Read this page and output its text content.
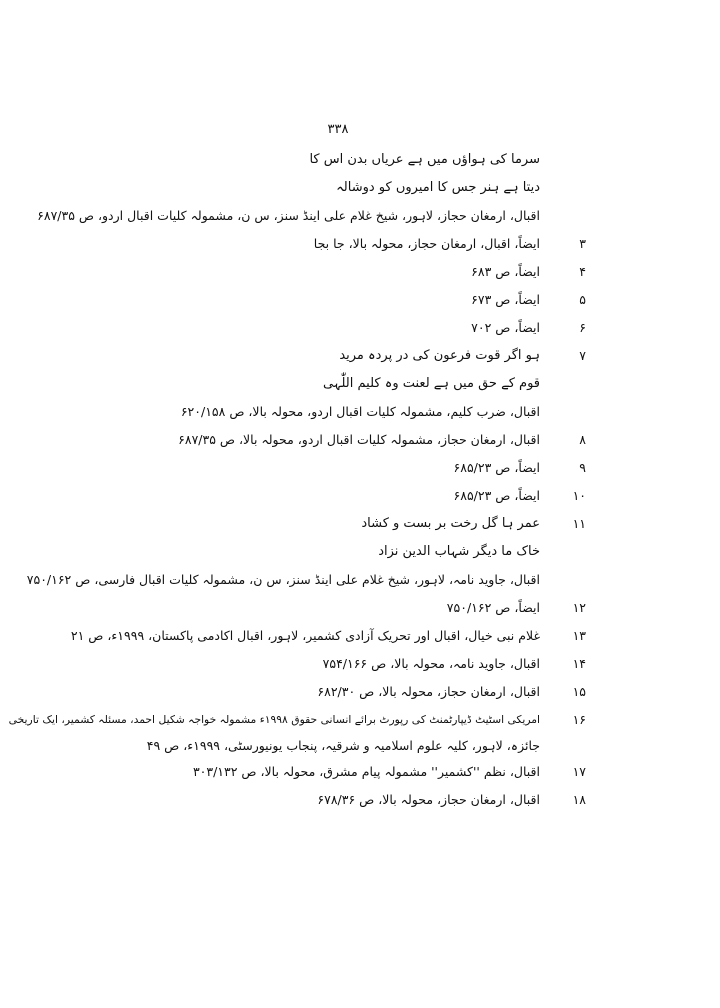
۳۳۸
سرما کی ہواؤں میں ہے عریاں بدن اس کا
دیتا ہے ہنر جس کا امیروں کو دوشالہ
اقبال، ارمغان حجاز، لاہور، شیخ غلام علی اینڈ سنز، س ن، مشمولہ کلیات اقبال اردو، ص ۶۸۷/۳۵
۳
ایضاً، اقبال، ارمغان حجاز، محولہ بالا، جا بجا
۴
ایضاً، ص ۶۸۳
۵
ایضاً، ص ۶۷۳
۶
ایضاً، ص ۷۰۲
۷
ہو اگر قوت فرعون کی در پردہ مرید
قوم کے حق میں ہے لعنت وہ کلیم اللّٰہی
اقبال، ضرب کلیم، مشمولہ کلیات اقبال اردو، محولہ بالا، ص ۶۲۰/۱۵۸
۸
اقبال، ارمغان حجاز، مشمولہ کلیات اقبال اردو، محولہ بالا، ص ۶۸۷/۳۵
۹
ایضاً، ص ۶۸۵/۲۳
۱۰
ایضاً، ص ۶۸۵/۲۳
۱۱
عمر ہا گل رخت بر بست و کشاد
خاک ما دیگر شہاب الدین نزاد
اقبال، جاوید نامہ، لاہور، شیخ غلام علی اینڈ سنز، س ن، مشمولہ کلیات اقبال فارسی، ص ۷۵۰/۱۶۲
۱۲
ایضاً، ص ۷۵۰/۱۶۲
۱۳
غلام نبی خیال، اقبال اور تحریک آزادی کشمیر، لاہور، اقبال اکادمی پاکستان، ۱۹۹۹ء، ص ۲۱
۱۴
اقبال، جاوید نامہ، محولہ بالا، ص ۷۵۴/۱۶۶
۱۵
اقبال، ارمغان حجاز، محولہ بالا، ص ۶۸۲/۳۰
۱۶
امریکی اسٹیٹ ڈیپارٹمنٹ کی رپورٹ برائے انسانی حقوق ۱۹۹۸ء مشمولہ خواجہ شکیل احمد، مسئلہ کشمیر، ایک تاریخی
جائزہ، لاہور، کلیہ علوم اسلامیہ و شرقیہ، پنجاب یونیورسٹی، ۱۹۹۹ء، ص ۴۹
۱۷
اقبال، نظم ''کشمیر'' مشمولہ پیام مشرق، محولہ بالا، ص ۳۰۳/۱۳۲
۱۸
اقبال، ارمغان حجاز، محولہ بالا، ص ۶۷۸/۳۶
